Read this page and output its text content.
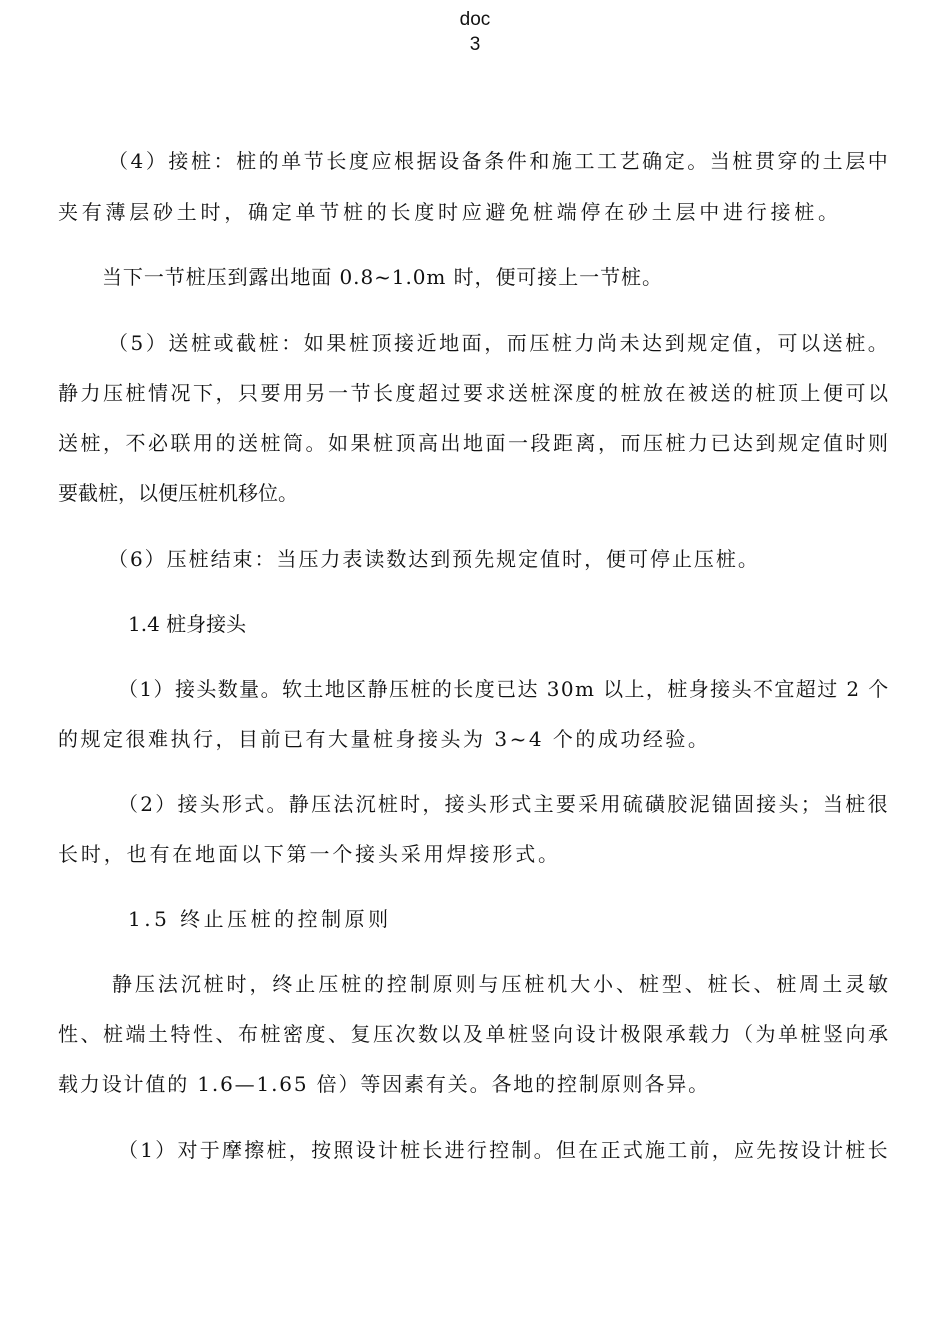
doc
3
（4）接桩：桩的单节长度应根据设备条件和施工工艺确定。当桩贯穿的土层中
夹有薄层砂土时，确定单节桩的长度时应避免桩端停在砂土层中进行接桩。
当下一节桩压到露出地面 0.8~1.0m 时，便可接上一节桩。
（5）送桩或截桩：如果桩顶接近地面，而压桩力尚未达到规定值，可以送桩。
静力压桩情况下，只要用另一节长度超过要求送桩深度的桩放在被送的桩顶上便可以
送桩，不必联用的送桩筒。如果桩顶高出地面一段距离，而压桩力已达到规定值时则
要截桩，以便压桩机移位。
（6）压桩结束：当压力表读数达到预先规定值时，便可停止压桩。
1.4 桩身接头
（1）接头数量。软土地区静压桩的长度已达 30m 以上，桩身接头不宜超过 2 个
的规定很难执行，目前已有大量桩身接头为 3~4 个的成功经验。
（2）接头形式。静压法沉桩时，接头形式主要采用硫磺胶泥锚固接头；当桩很
长时，也有在地面以下第一个接头采用焊接形式。
1.5 终止压桩的控制原则
静压法沉桩时，终止压桩的控制原则与压桩机大小、桩型、桩长、桩周土灵敏
性、桩端土特性、布桩密度、复压次数以及单桩竖向设计极限承载力（为单桩竖向承
载力设计值的 1.6—1.65 倍）等因素有关。各地的控制原则各异。
（1）对于摩擦桩，按照设计桩长进行控制。但在正式施工前，应先按设计桩长
